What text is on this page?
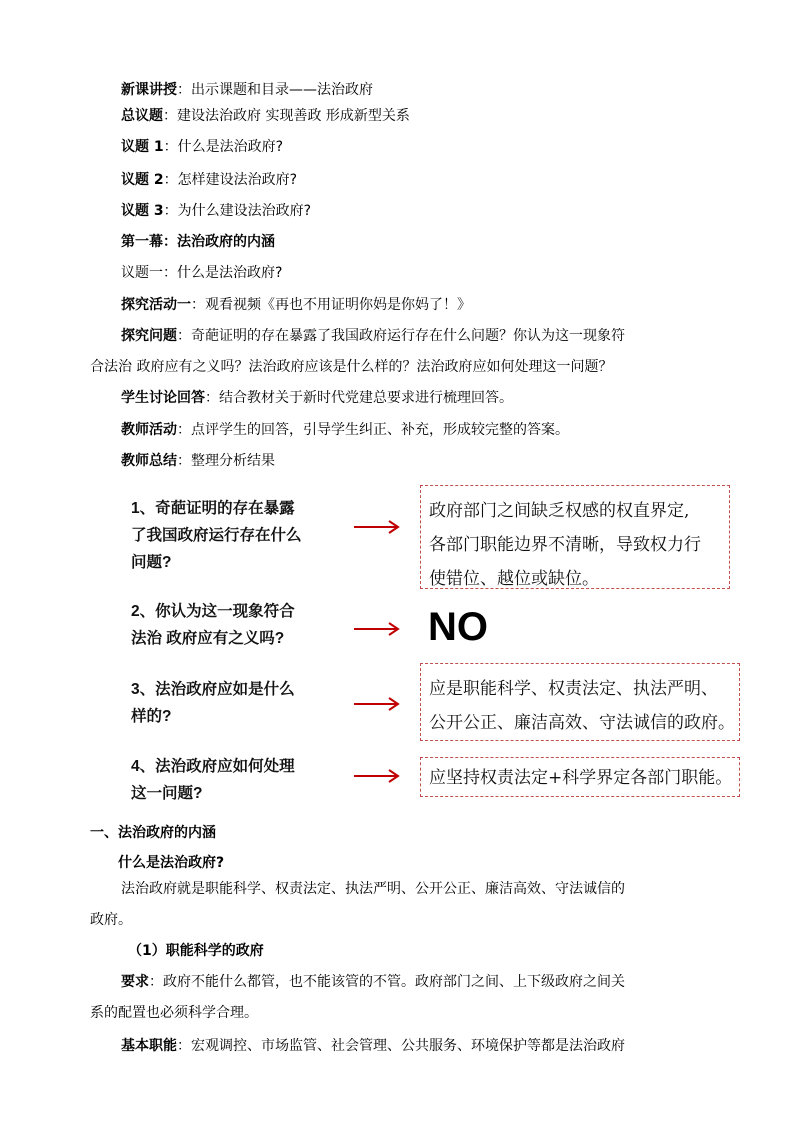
新课讲授：出示课题和目录——法治政府
总议题：建设法治政府 实现善政 形成新型关系
议题 1：什么是法治政府?
议题 2：怎样建设法治政府?
议题 3：为什么建设法治政府?
第一幕：法治政府的内涵
议题一：什么是法治政府?
探究活动一：观看视频《再也不用证明你妈是你妈了！》
探究问题：奇葩证明的存在暴露了我国政府运行存在什么问题？你认为这一现象符
合法治 政府应有之义吗？法治政府应该是什么样的？法治政府应如何处理这一问题？
学生讨论回答：结合教材关于新时代党建总要求进行梳理回答。
教师活动：点评学生的回答，引导学生纠正、补充，形成较完整的答案。
教师总结：整理分析结果
1、奇葩证明的存在暴露
了我国政府运行存在什么
问题?
政府部门之间缺乏权感的权直界定,
各部门职能边界不清晰，导致权力行
使错位、越位或缺位。
2、你认为这一现象符合
法治 政府应有之义吗?	NO
3、法治政府应如是什么
样的?
应是职能科学、权责法定、执法严明、
公开公正、廉洁高效、守法诚信的政府。
4、法治政府应如何处理
这一问题?
应坚持权责法定+科学界定各部门职能。
一、法治政府的内涵
什么是法治政府?
法治政府就是职能科学、权责法定、执法严明、公开公正、廉洁高效、守法诚信的
政府。
（1）职能科学的政府
要求：政府不能什么都管，也不能该管的不管。政府部门之间、上下级政府之间关
系的配置也必须科学合理。
基本职能：宏观调控、市场监管、社会管理、公共服务、环境保护等都是法治政府
